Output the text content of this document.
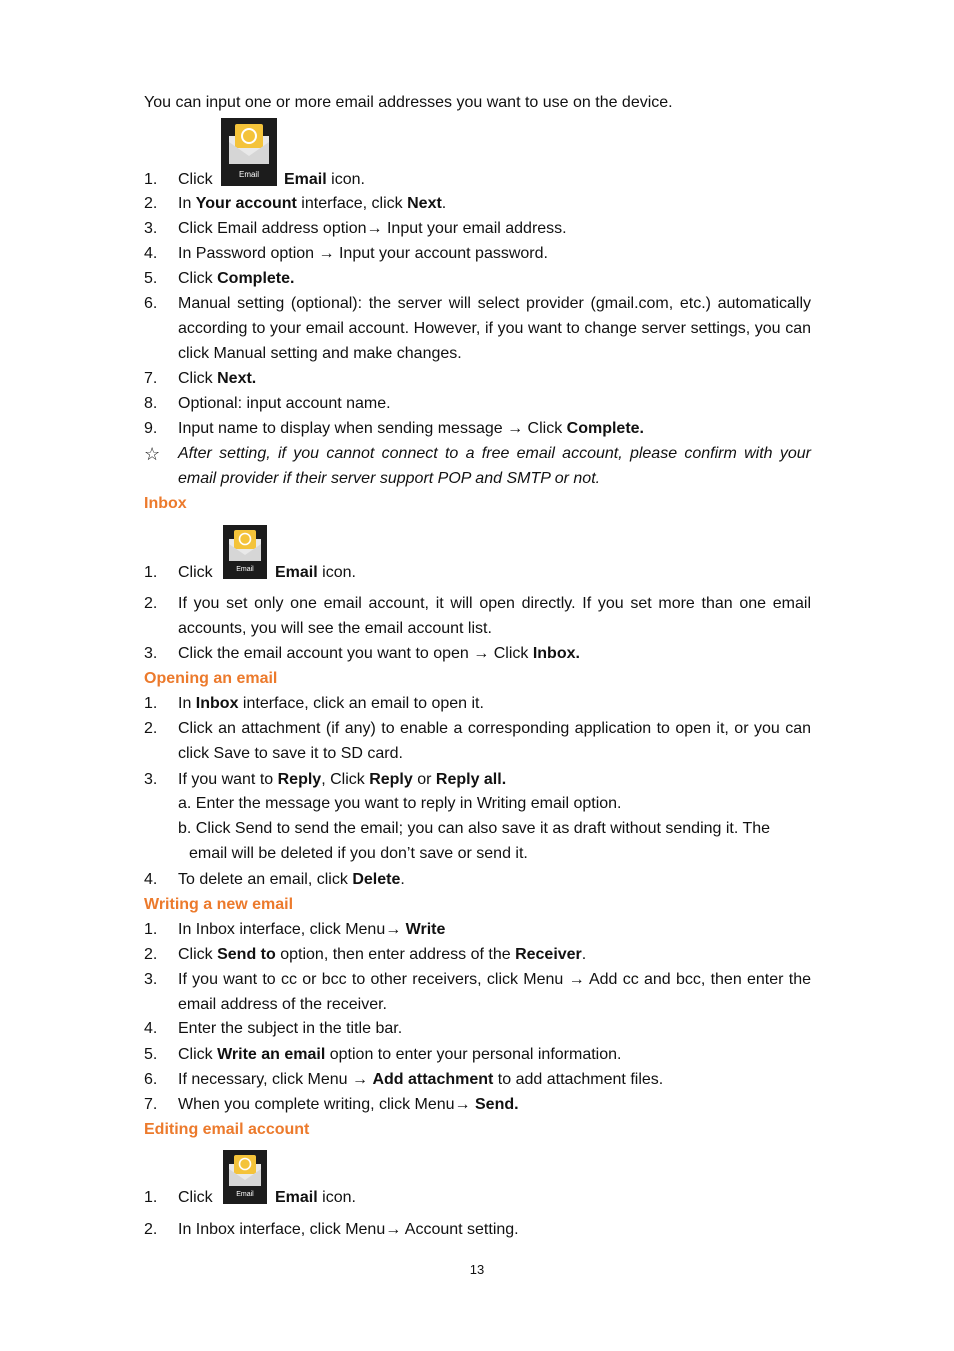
You can input one or more email addresses you want to use on the device.
Email
1. Click	Email icon.
2. In Your account interface, click Next.
3. Click Email address option→ Input your email address.
4. In Password option → Input your account password.
5. Click Complete.
6. Manual setting (optional): the server will select provider (gmail.com, etc.) automatically according to your email account. However, if you want to change server settings, you can click Manual setting and make changes.
7. Click Next.
8. Optional: input account name.
9. Input name to display when sending message → Click Complete.
☆ After setting, if you cannot connect to a free email account, please confirm with your email provider if their server support POP and SMTP or not.
Inbox
Email
1. Click	Email icon.
2. If you set only one email account, it will open directly. If you set more than one email accounts, you will see the email account list.
3. Click the email account you want to open → Click Inbox.
Opening an email
1. In Inbox interface, click an email to open it.
2. Click an attachment (if any) to enable a corresponding application to open it, or you can click Save to save it to SD card.
3. If you want to Reply, Click Reply or Reply all.
a. Enter the message you want to reply in Writing email option.
b. Click Send to send the email; you can also save it as draft without sending it. The email will be deleted if you don’t save or send it.
4. To delete an email, click Delete.
Writing a new email
1. In Inbox interface, click Menu→ Write
2. Click Send to option, then enter address of the Receiver.
3. If you want to cc or bcc to other receivers, click Menu → Add cc and bcc, then enter the email address of the receiver.
4. Enter the subject in the title bar.
5. Click Write an email option to enter your personal information.
6. If necessary, click Menu → Add attachment to add attachment files.
7. When you complete writing, click Menu→ Send.
Editing email account
Email
1. Click	Email icon.
2. In Inbox interface, click Menu→ Account setting.
13
